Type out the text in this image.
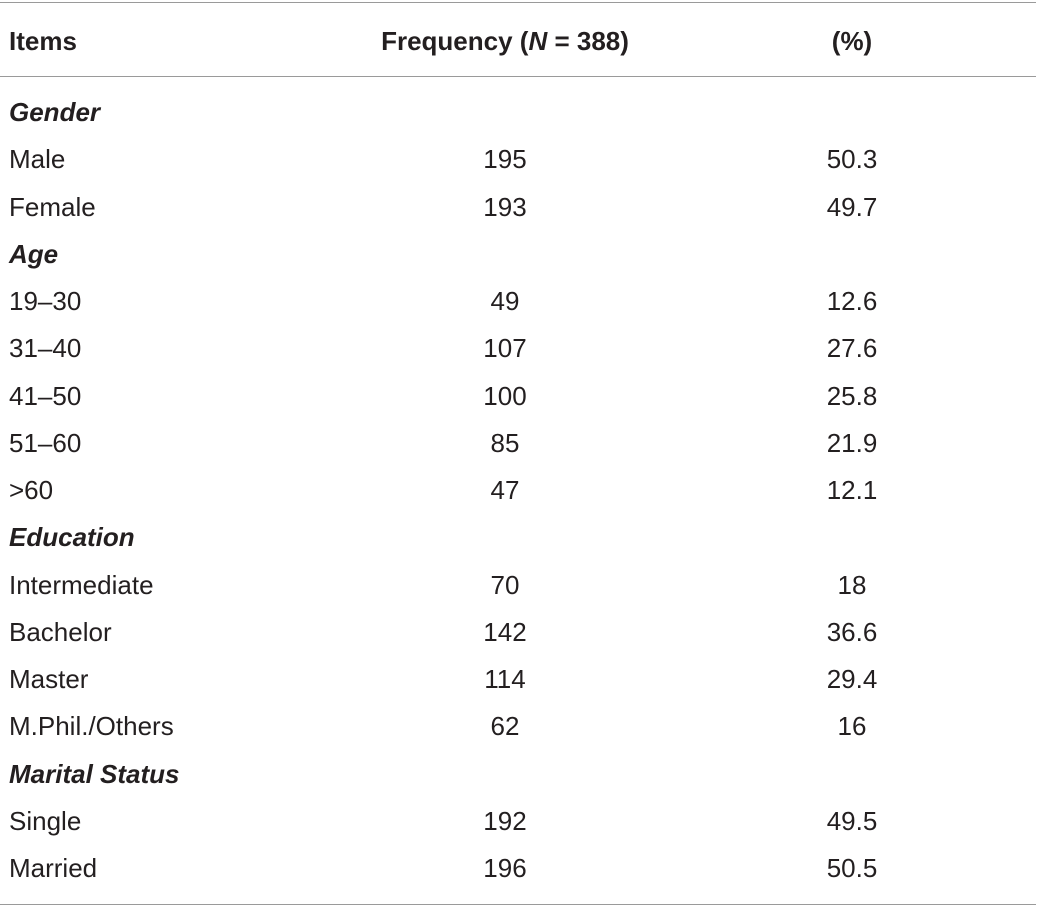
Items	Frequency (N = 388)	(%)
Gender
Male	195	50.3
Female	193	49.7
Age
19–30	49	12.6
31–40	107	27.6
41–50	100	25.8
51–60	85	21.9
>60	47	12.1
Education
Intermediate	70	18
Bachelor	142	36.6
Master	114	29.4
M.Phil./Others	62	16
Marital Status
Single	192	49.5
Married	196	50.5
